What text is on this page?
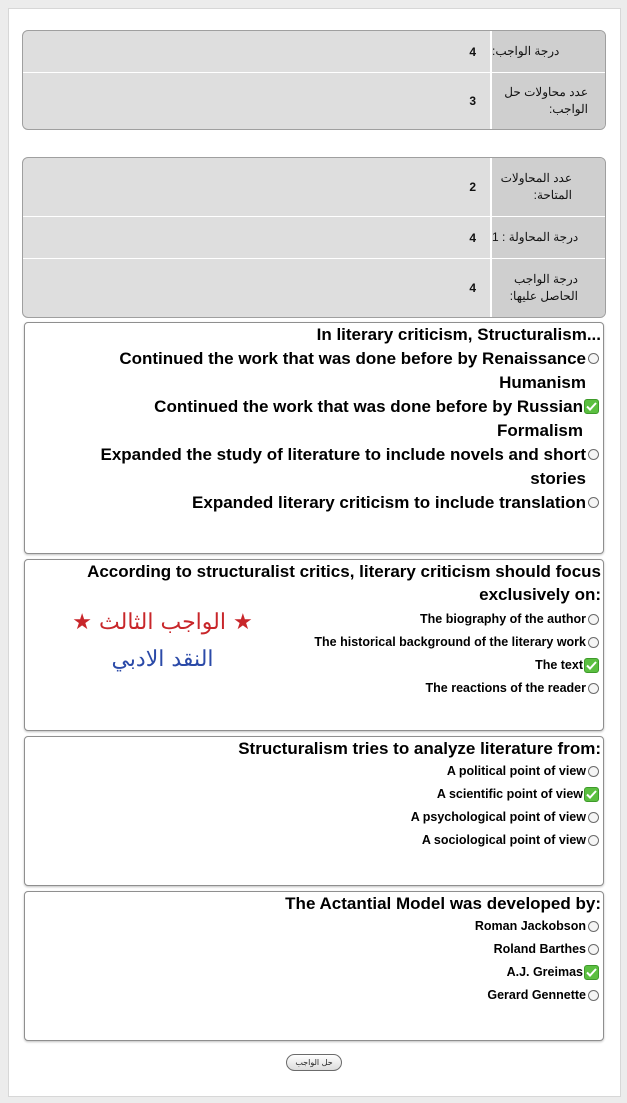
4	درجة الواجب:
3
عدد محاولات حل الواجب:
2
عدد المحاولات المتاحة:
4	درجة المحاولة : 1
4
درجة الواجب الحاصل عليها:
In literary criticism, Structuralism...
Continued the work that was done before by Renaissance Humanism
Continued the work that was done before by Russian Formalism
Expanded the study of literature to include novels and short stories
Expanded literary criticism to include translation
According to structuralist critics, literary criticism should focus exclusively on:
The biography of the author
The historical background of the literary work
The text
The reactions of the reader
★ الواجب الثالث ★
النقد الادبي
Structuralism tries to analyze literature from:
A political point of view
A scientific point of view
A psychological point of view
A sociological point of view
The Actantial Model was developed by:
Roman Jackobson
Roland Barthes
A.J. Greimas
Gerard Gennette
حل الواجب
